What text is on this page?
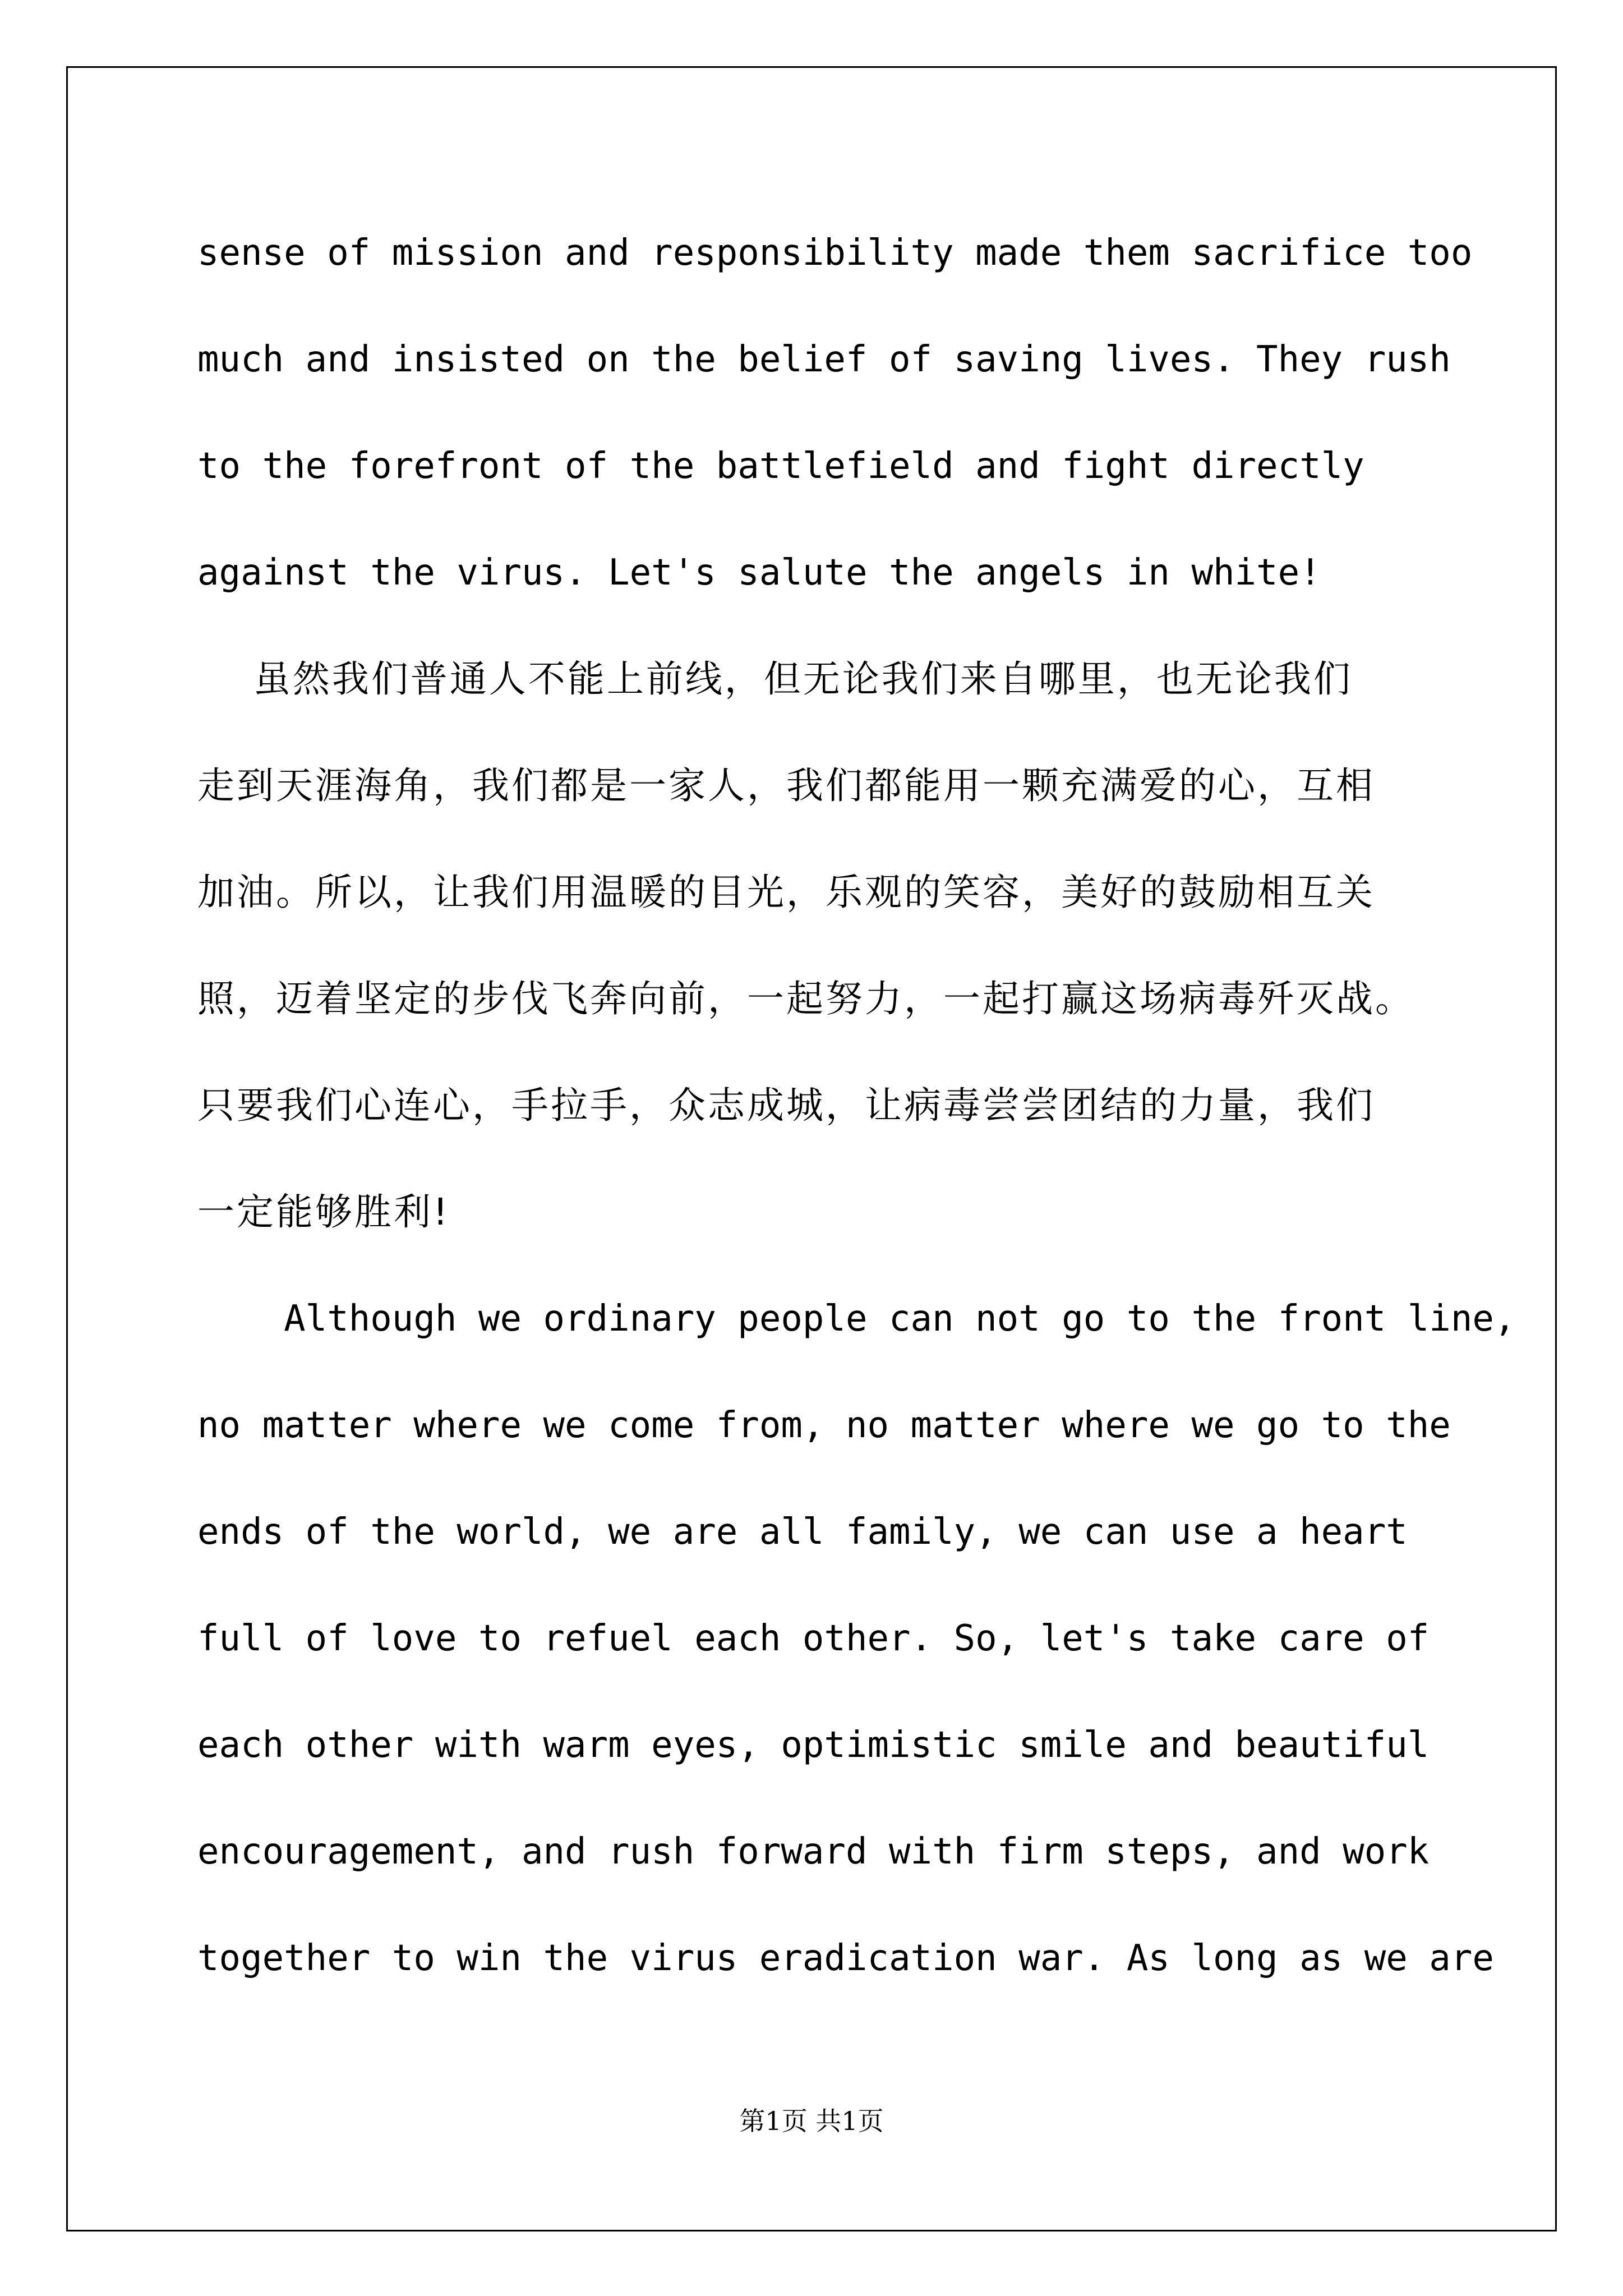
sense of mission and responsibility made them sacrifice too
much and insisted on the belief of saving lives. They rush
to the forefront of the battlefield and fight directly
against the virus. Let's salute the angels in white!
虽然我们普通人不能上前线，但无论我们来自哪里，也无论我们
走到天涯海角，我们都是一家人，我们都能用一颗充满爱的心，互相
加油。所以，让我们用温暖的目光，乐观的笑容，美好的鼓励相互关
照，迈着坚定的步伐飞奔向前，一起努力，一起打赢这场病毒歼灭战。
只要我们心连心，手拉手，众志成城，让病毒尝尝团结的力量，我们
一定能够胜利!
Although we ordinary people can not go to the front line,
no matter where we come from, no matter where we go to the
ends of the world, we are all family, we can use a heart
full of love to refuel each other. So, let's take care of
each other with warm eyes, optimistic smile and beautiful
encouragement, and rush forward with firm steps, and work
together to win the virus eradication war. As long as we are
第1页 共1页
